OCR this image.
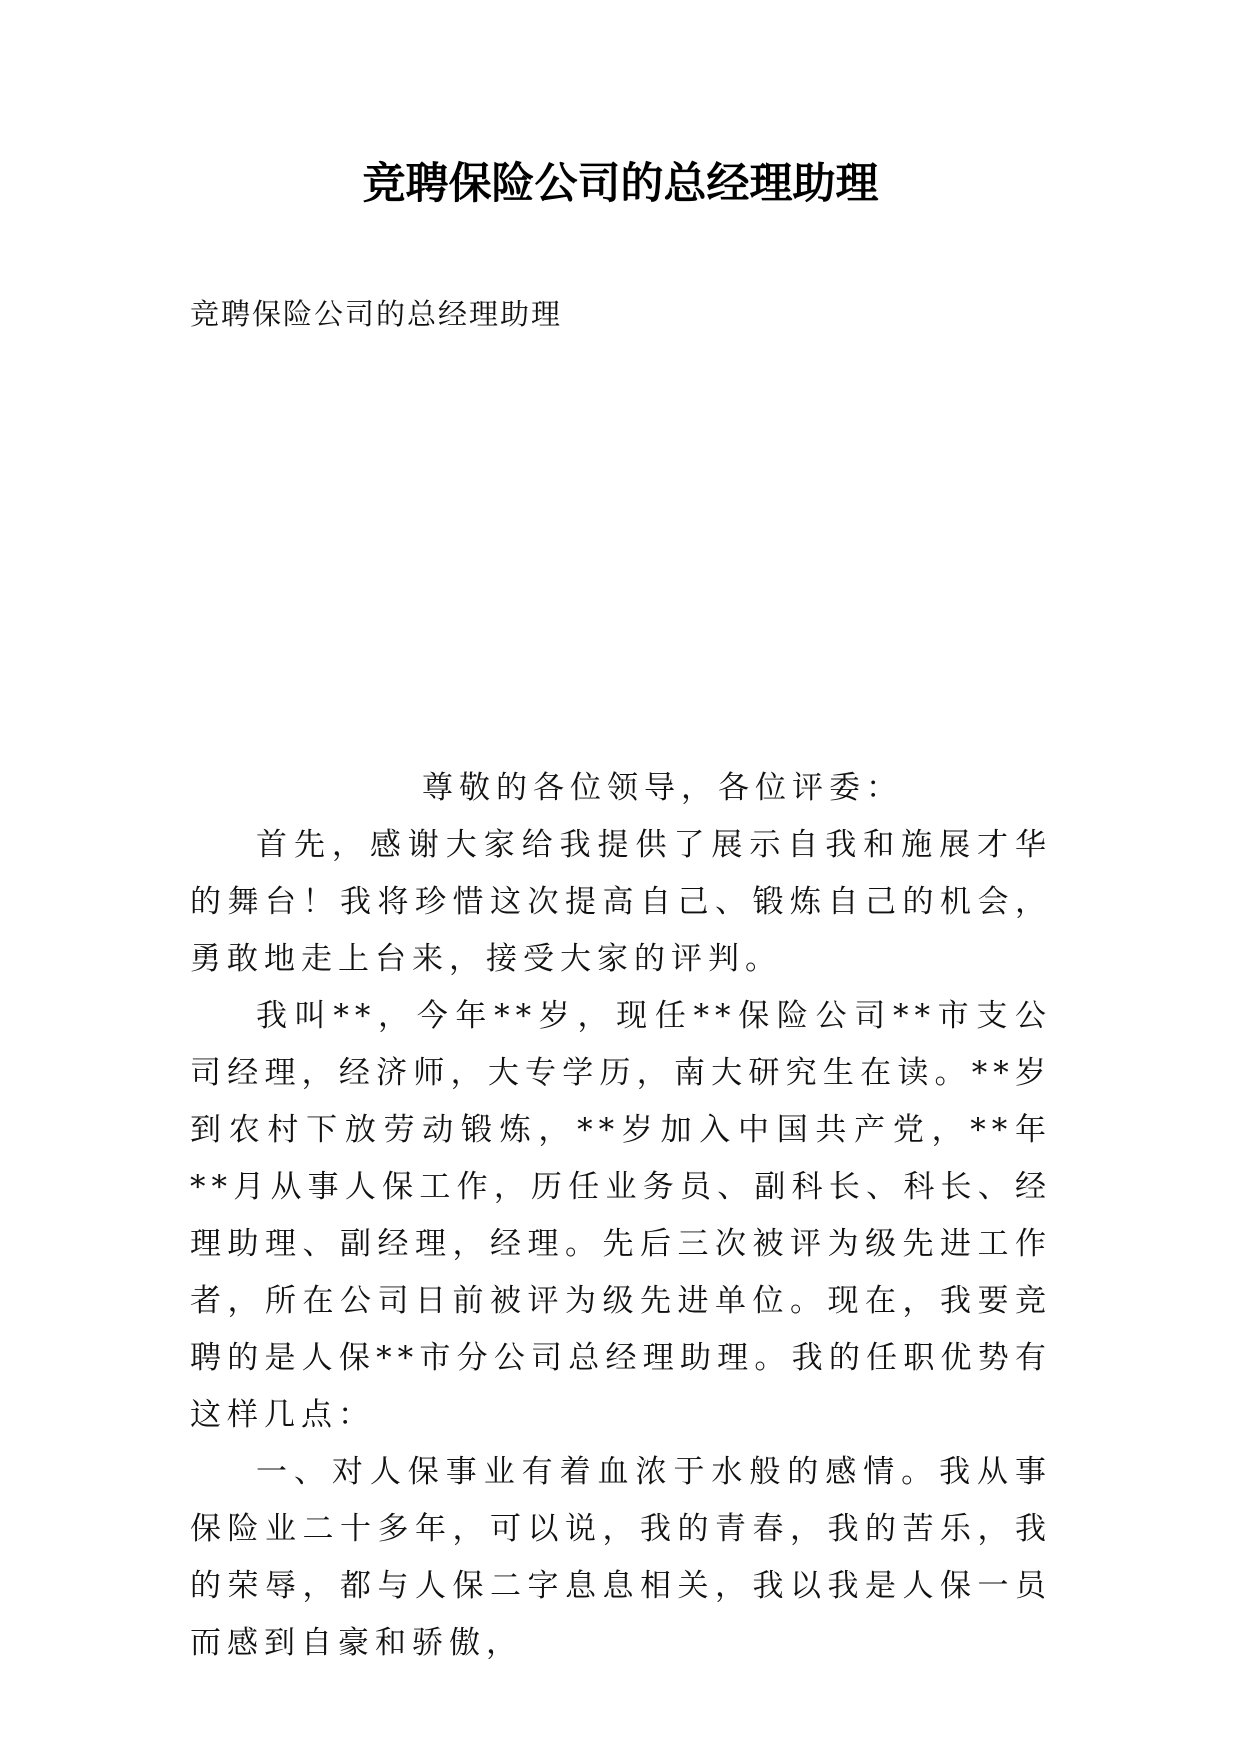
竞聘保险公司的总经理助理
竞聘保险公司的总经理助理

尊敬的各位领导，各位评委：

首先，感谢大家给我提供了展示自我和施展才华的舞台！我将珍惜这次提高自己、锻炼自己的机会，勇敢地走上台来，接受大家的评判。

我叫**，今年**岁，现任**保险公司**市支公司经理，经济师，大专学历，南大研究生在读。**岁到农村下放劳动锻炼，**岁加入中国共产党，**年**月从事人保工作，历任业务员、副科长、科长、经理助理、副经理，经理。先后三次被评为级先进工作者，所在公司日前被评为级先进单位。现在，我要竞聘的是人保**市分公司总经理助理。我的任职优势有这样几点：

一、对人保事业有着血浓于水般的感情。我从事保险业二十多年，可以说，我的青春，我的苦乐，我的荣辱，都与人保二字息息相关，我以我是人保一员而感到自豪和骄傲，
